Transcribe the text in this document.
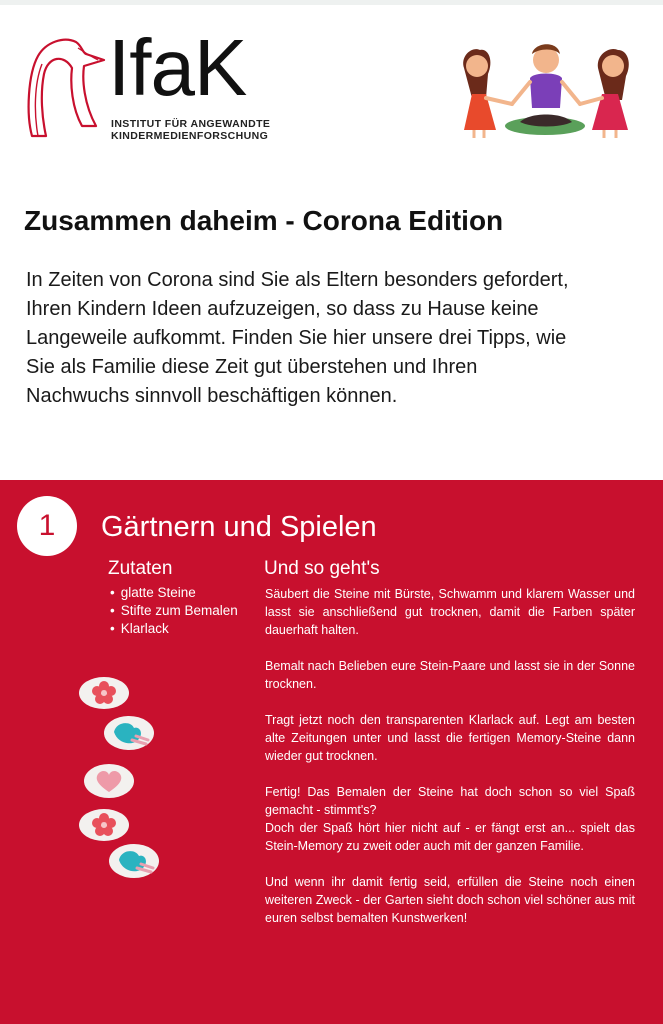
IfaK
INSTITUT FÜR ANGEWANDTE
KINDERMEDIENFORSCHUNG
Zusammen daheim - Corona Edition

In Zeiten von Corona sind Sie als Eltern besonders gefordert, Ihren Kindern Ideen aufzuzeigen, so dass zu Hause keine Langeweile aufkommt. Finden Sie hier unsere drei Tipps, wie Sie als Familie diese Zeit gut überstehen und Ihren Nachwuchs sinnvoll beschäftigen können.

1	Gärtnern und Spielen
Zutaten
• glatte Steine
• Stifte zum Bemalen
• Klarlack
Und so geht's

Säubert die Steine mit Bürste, Schwamm und klarem Wasser und lasst sie anschließend gut trocknen, damit die Farben später dauerhaft halten.

Bemalt nach Belieben eure Stein-Paare und lasst sie in der Sonne trocknen.

Tragt jetzt noch den transparenten Klarlack auf. Legt am besten alte Zeitungen unter und lasst die fertigen Memory-Steine dann wieder gut trocknen.

Fertig! Das Bemalen der Steine hat doch schon so viel Spaß gemacht - stimmt's?
Doch der Spaß hört hier nicht auf - er fängt erst an... spielt das Stein-Memory zu zweit oder auch mit der ganzen Familie.

Und wenn ihr damit fertig seid, erfüllen die Steine noch einen weiteren Zweck - der Garten sieht doch schon viel schöner aus mit euren selbst bemalten Kunstwerken!
